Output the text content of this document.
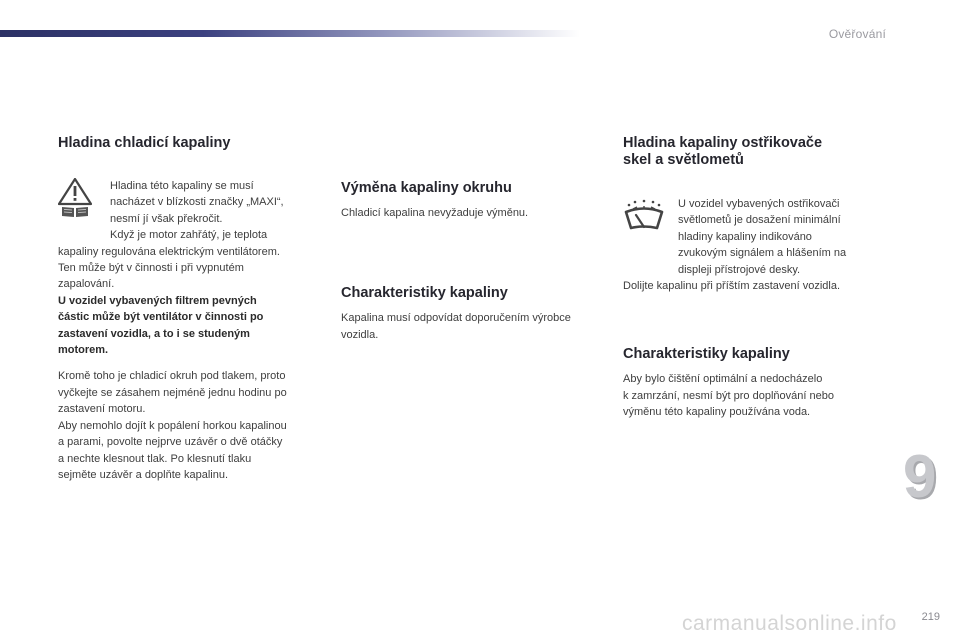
Ověřování
Hladina chladicí kapaliny

Hladina této kapaliny se musí

nacházet v blízkosti značky „MAXI“,

nesmí jí však překročit.

Když je motor zahřátý, je teplota

kapaliny regulována elektrickým ventilátorem.

Ten může být v činnosti i při vypnutém

zapalování.

U vozidel vybavených filtrem pevných

částic může být ventilátor v činnosti po

zastavení vozidla, a to i se studeným

motorem.

Kromě toho je chladicí okruh pod tlakem, proto

vyčkejte se zásahem nejméně jednu hodinu po

zastavení motoru.

Aby nemohlo dojít k popálení horkou kapalinou

a parami, povolte nejprve uzávěr o dvě otáčky

a nechte klesnout tlak. Po klesnutí tlaku

sejměte uzávěr a doplňte kapalinu.

Výměna kapaliny okruhu

Chladicí kapalina nevyžaduje výměnu.

Charakteristiky kapaliny

Kapalina musí odpovídat doporučením výrobce

vozidla.

Hladina kapaliny ostřikovače
skel a světlometů

U vozidel vybavených ostřikovači

světlometů je dosažení minimální

hladiny kapaliny indikováno

zvukovým signálem a hlášením na

displeji přístrojové desky.

Dolijte kapalinu při příštím zastavení vozidla.

Charakteristiky kapaliny

Aby bylo čištění optimální a nedocházelo

k zamrzání, nesmí být pro doplňování nebo

výměnu této kapaliny používána voda.

9
carmanualsonline.info 219
